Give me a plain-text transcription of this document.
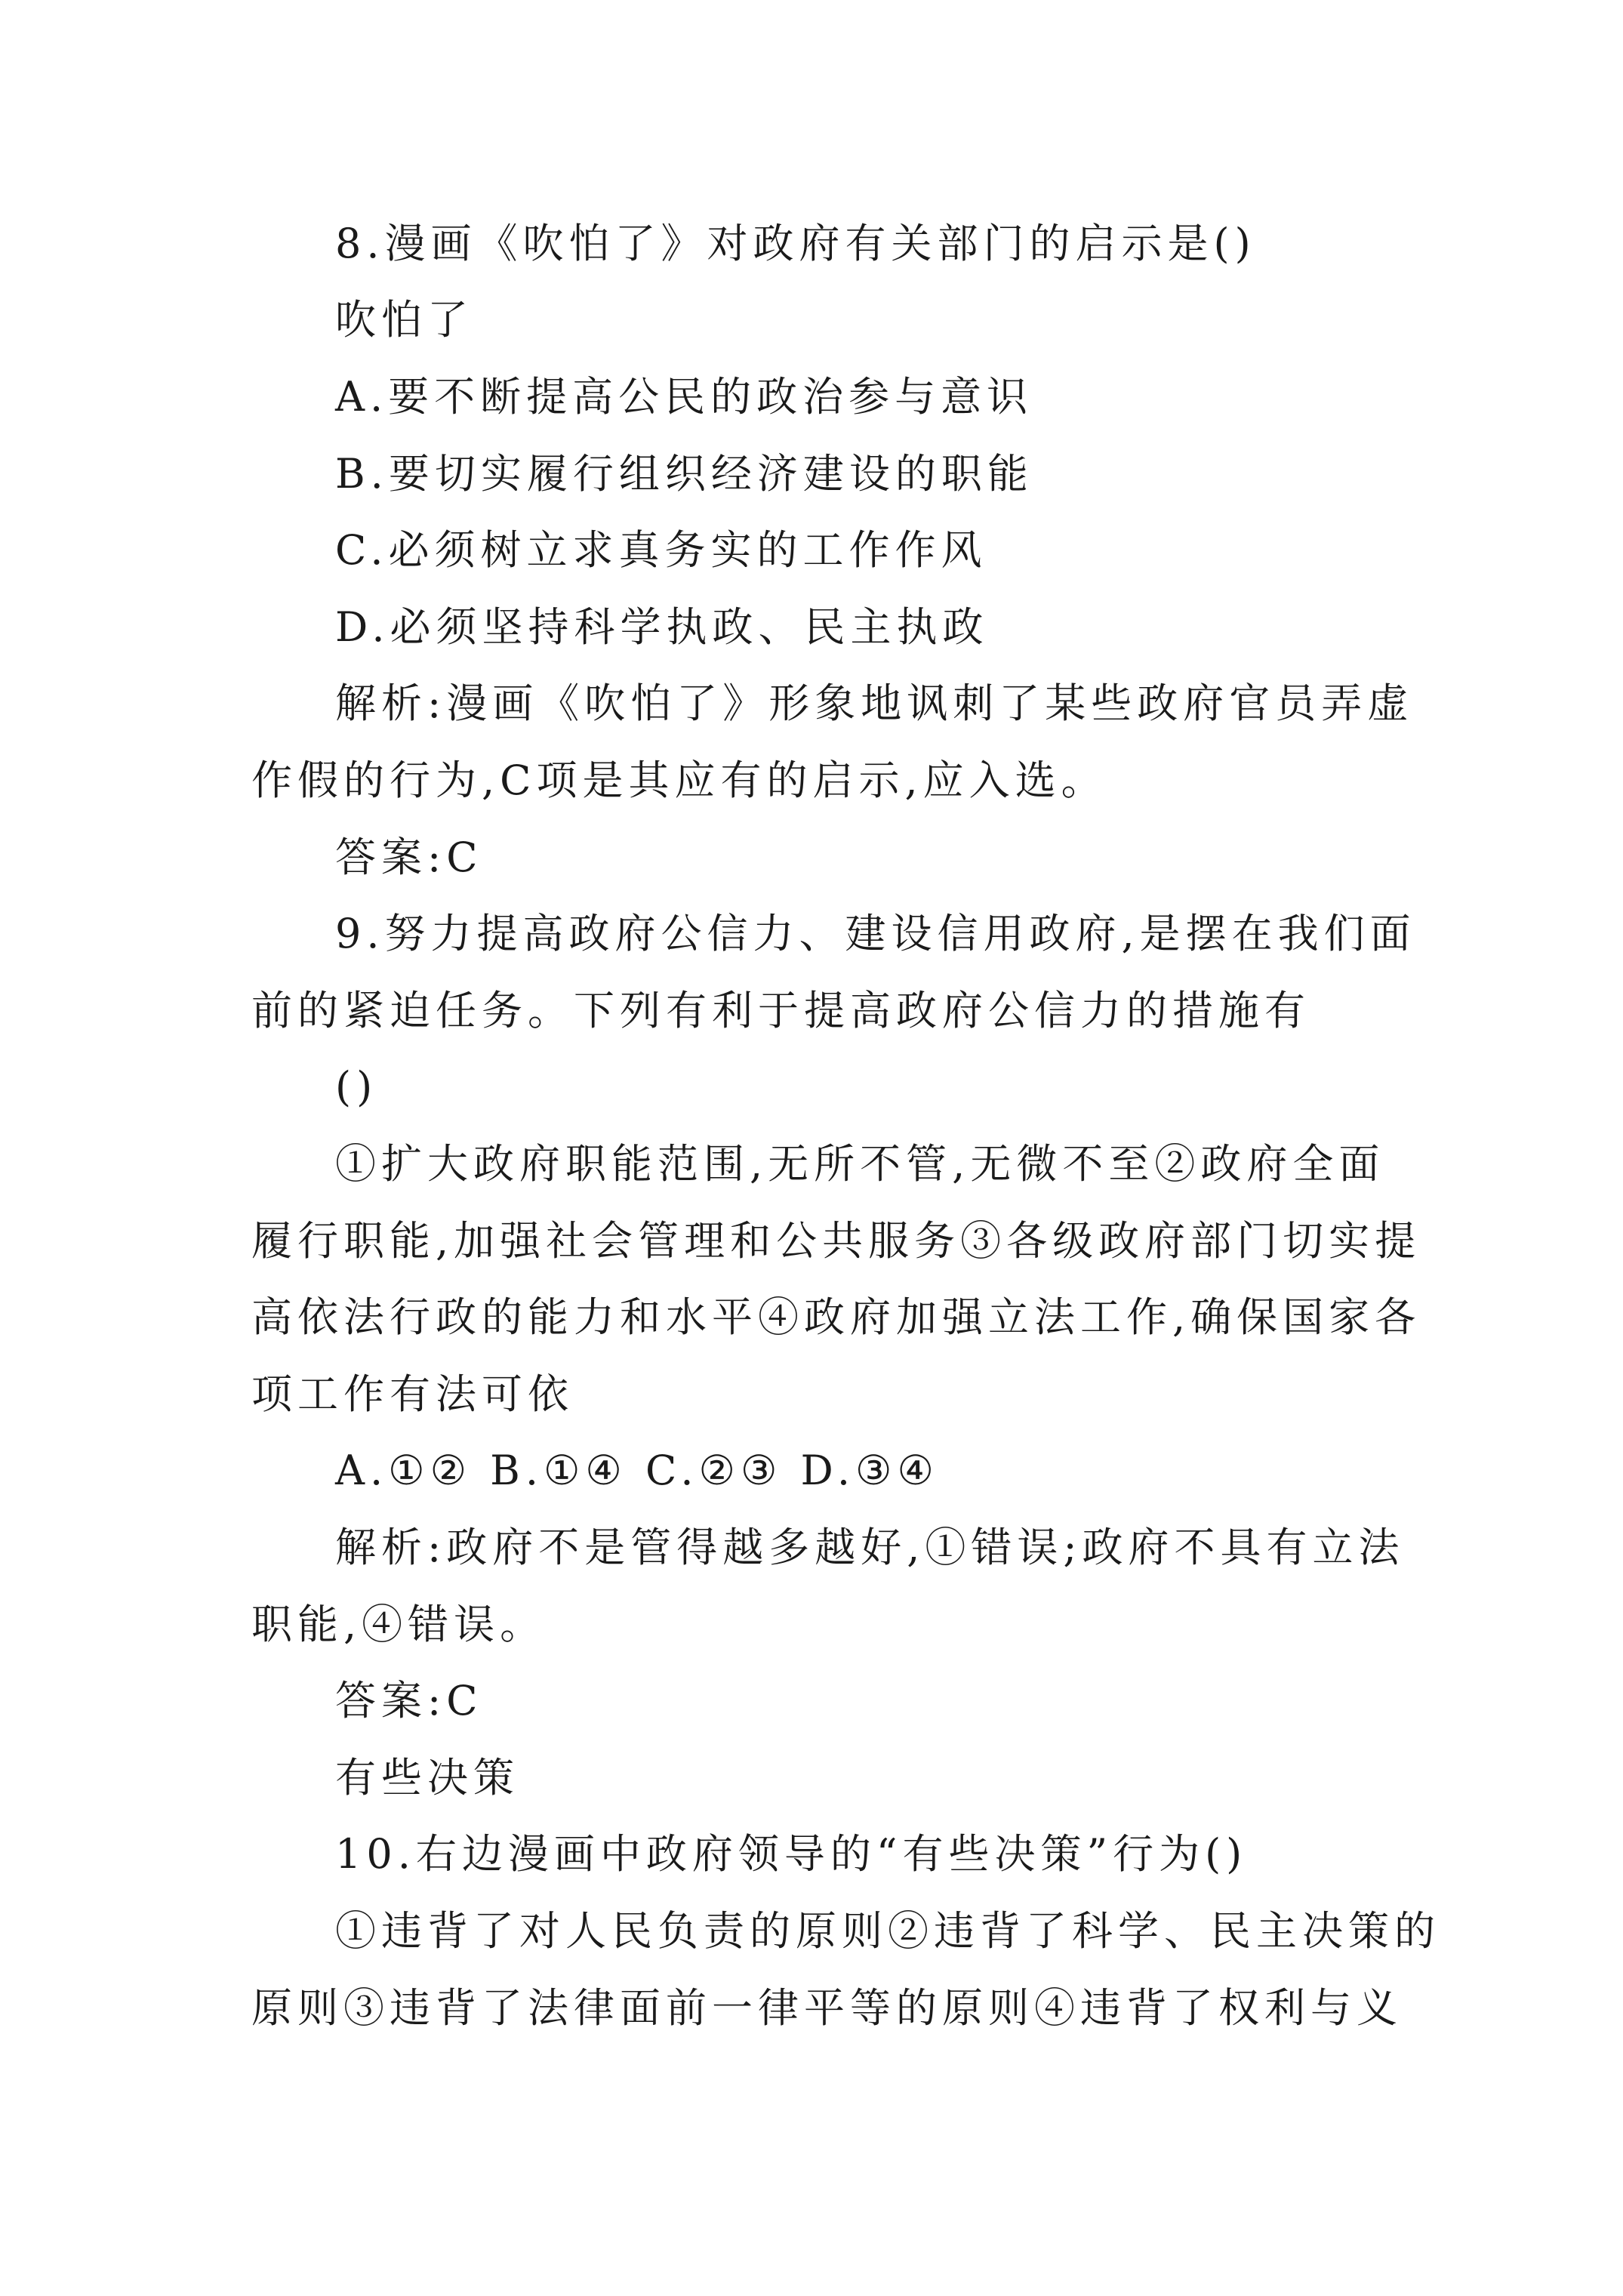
8.漫画《吹怕了》对政府有关部门的启示是()
吹怕了
A.要不断提高公民的政治参与意识
B.要切实履行组织经济建设的职能
C.必须树立求真务实的工作作风
D.必须坚持科学执政、民主执政
解析:漫画《吹怕了》形象地讽刺了某些政府官员弄虚
作假的行为,C项是其应有的启示,应入选。
答案:C
9.努力提高政府公信力、建设信用政府,是摆在我们面
前的紧迫任务。下列有利于提高政府公信力的措施有
()
①扩大政府职能范围,无所不管,无微不至②政府全面
履行职能,加强社会管理和公共服务③各级政府部门切实提
高依法行政的能力和水平④政府加强立法工作,确保国家各
项工作有法可依
A.①② B.①④ C.②③ D.③④
解析:政府不是管得越多越好,①错误;政府不具有立法
职能,④错误。
答案:C
有些决策
10.右边漫画中政府领导的“有些决策”行为()
①违背了对人民负责的原则②违背了科学、民主决策的
原则③违背了法律面前一律平等的原则④违背了权利与义
